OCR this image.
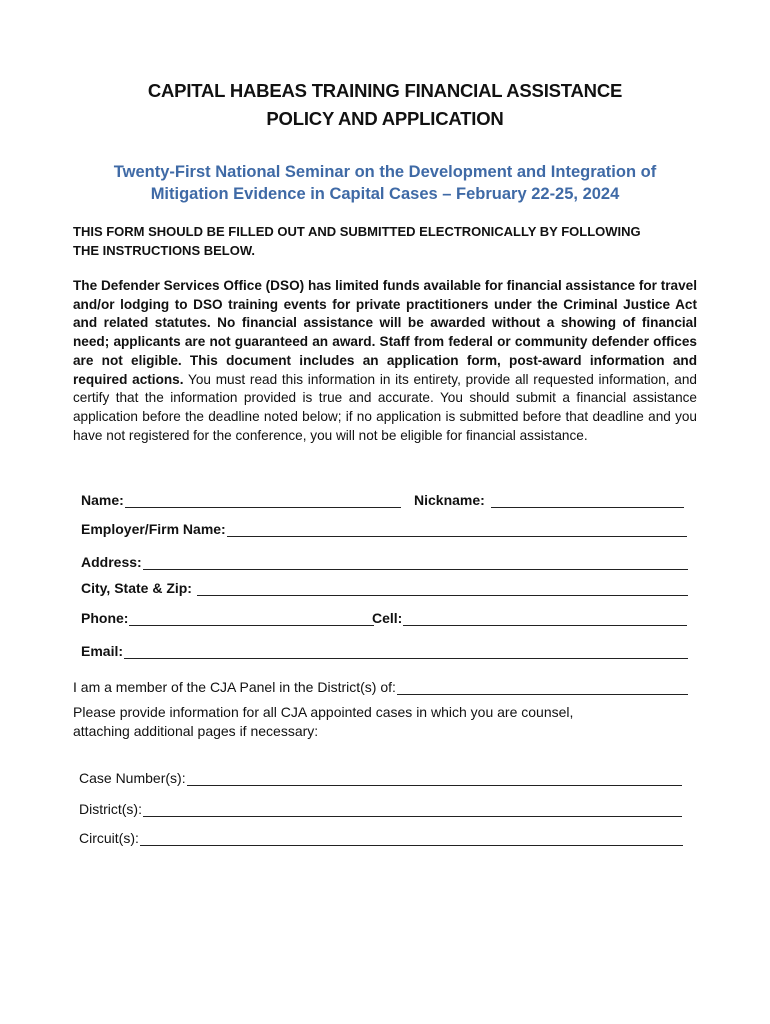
CAPITAL HABEAS TRAINING FINANCIAL ASSISTANCE
POLICY AND APPLICATION
Twenty-First National Seminar on the Development and Integration of
Mitigation Evidence in Capital Cases – February 22-25, 2024
THIS FORM SHOULD BE FILLED OUT AND SUBMITTED ELECTRONICALLY BY FOLLOWING
THE INSTRUCTIONS BELOW.
The Defender Services Office (DSO) has limited funds available for financial assistance for travel and/or lodging to DSO training events for private practitioners under the Criminal Justice Act and related statutes. No financial assistance will be awarded without a showing of financial need; applicants are not guaranteed an award. Staff from federal or community defender offices are not eligible. This document includes an application form, post-award information and required actions. You must read this information in its entirety, provide all requested information, and certify that the information provided is true and accurate. You should submit a financial assistance application before the deadline noted below; if no application is submitted before that deadline and you have not registered for the conference, you will not be eligible for financial assistance.
Name:	Nickname:
Employer/Firm Name:
Address:
City, State & Zip:
Phone:	Cell:
Email:
I am a member of the CJA Panel in the District(s) of:
Please provide information for all CJA appointed cases in which you are counsel,
attaching additional pages if necessary:
Case Number(s):
District(s):
Circuit(s):
